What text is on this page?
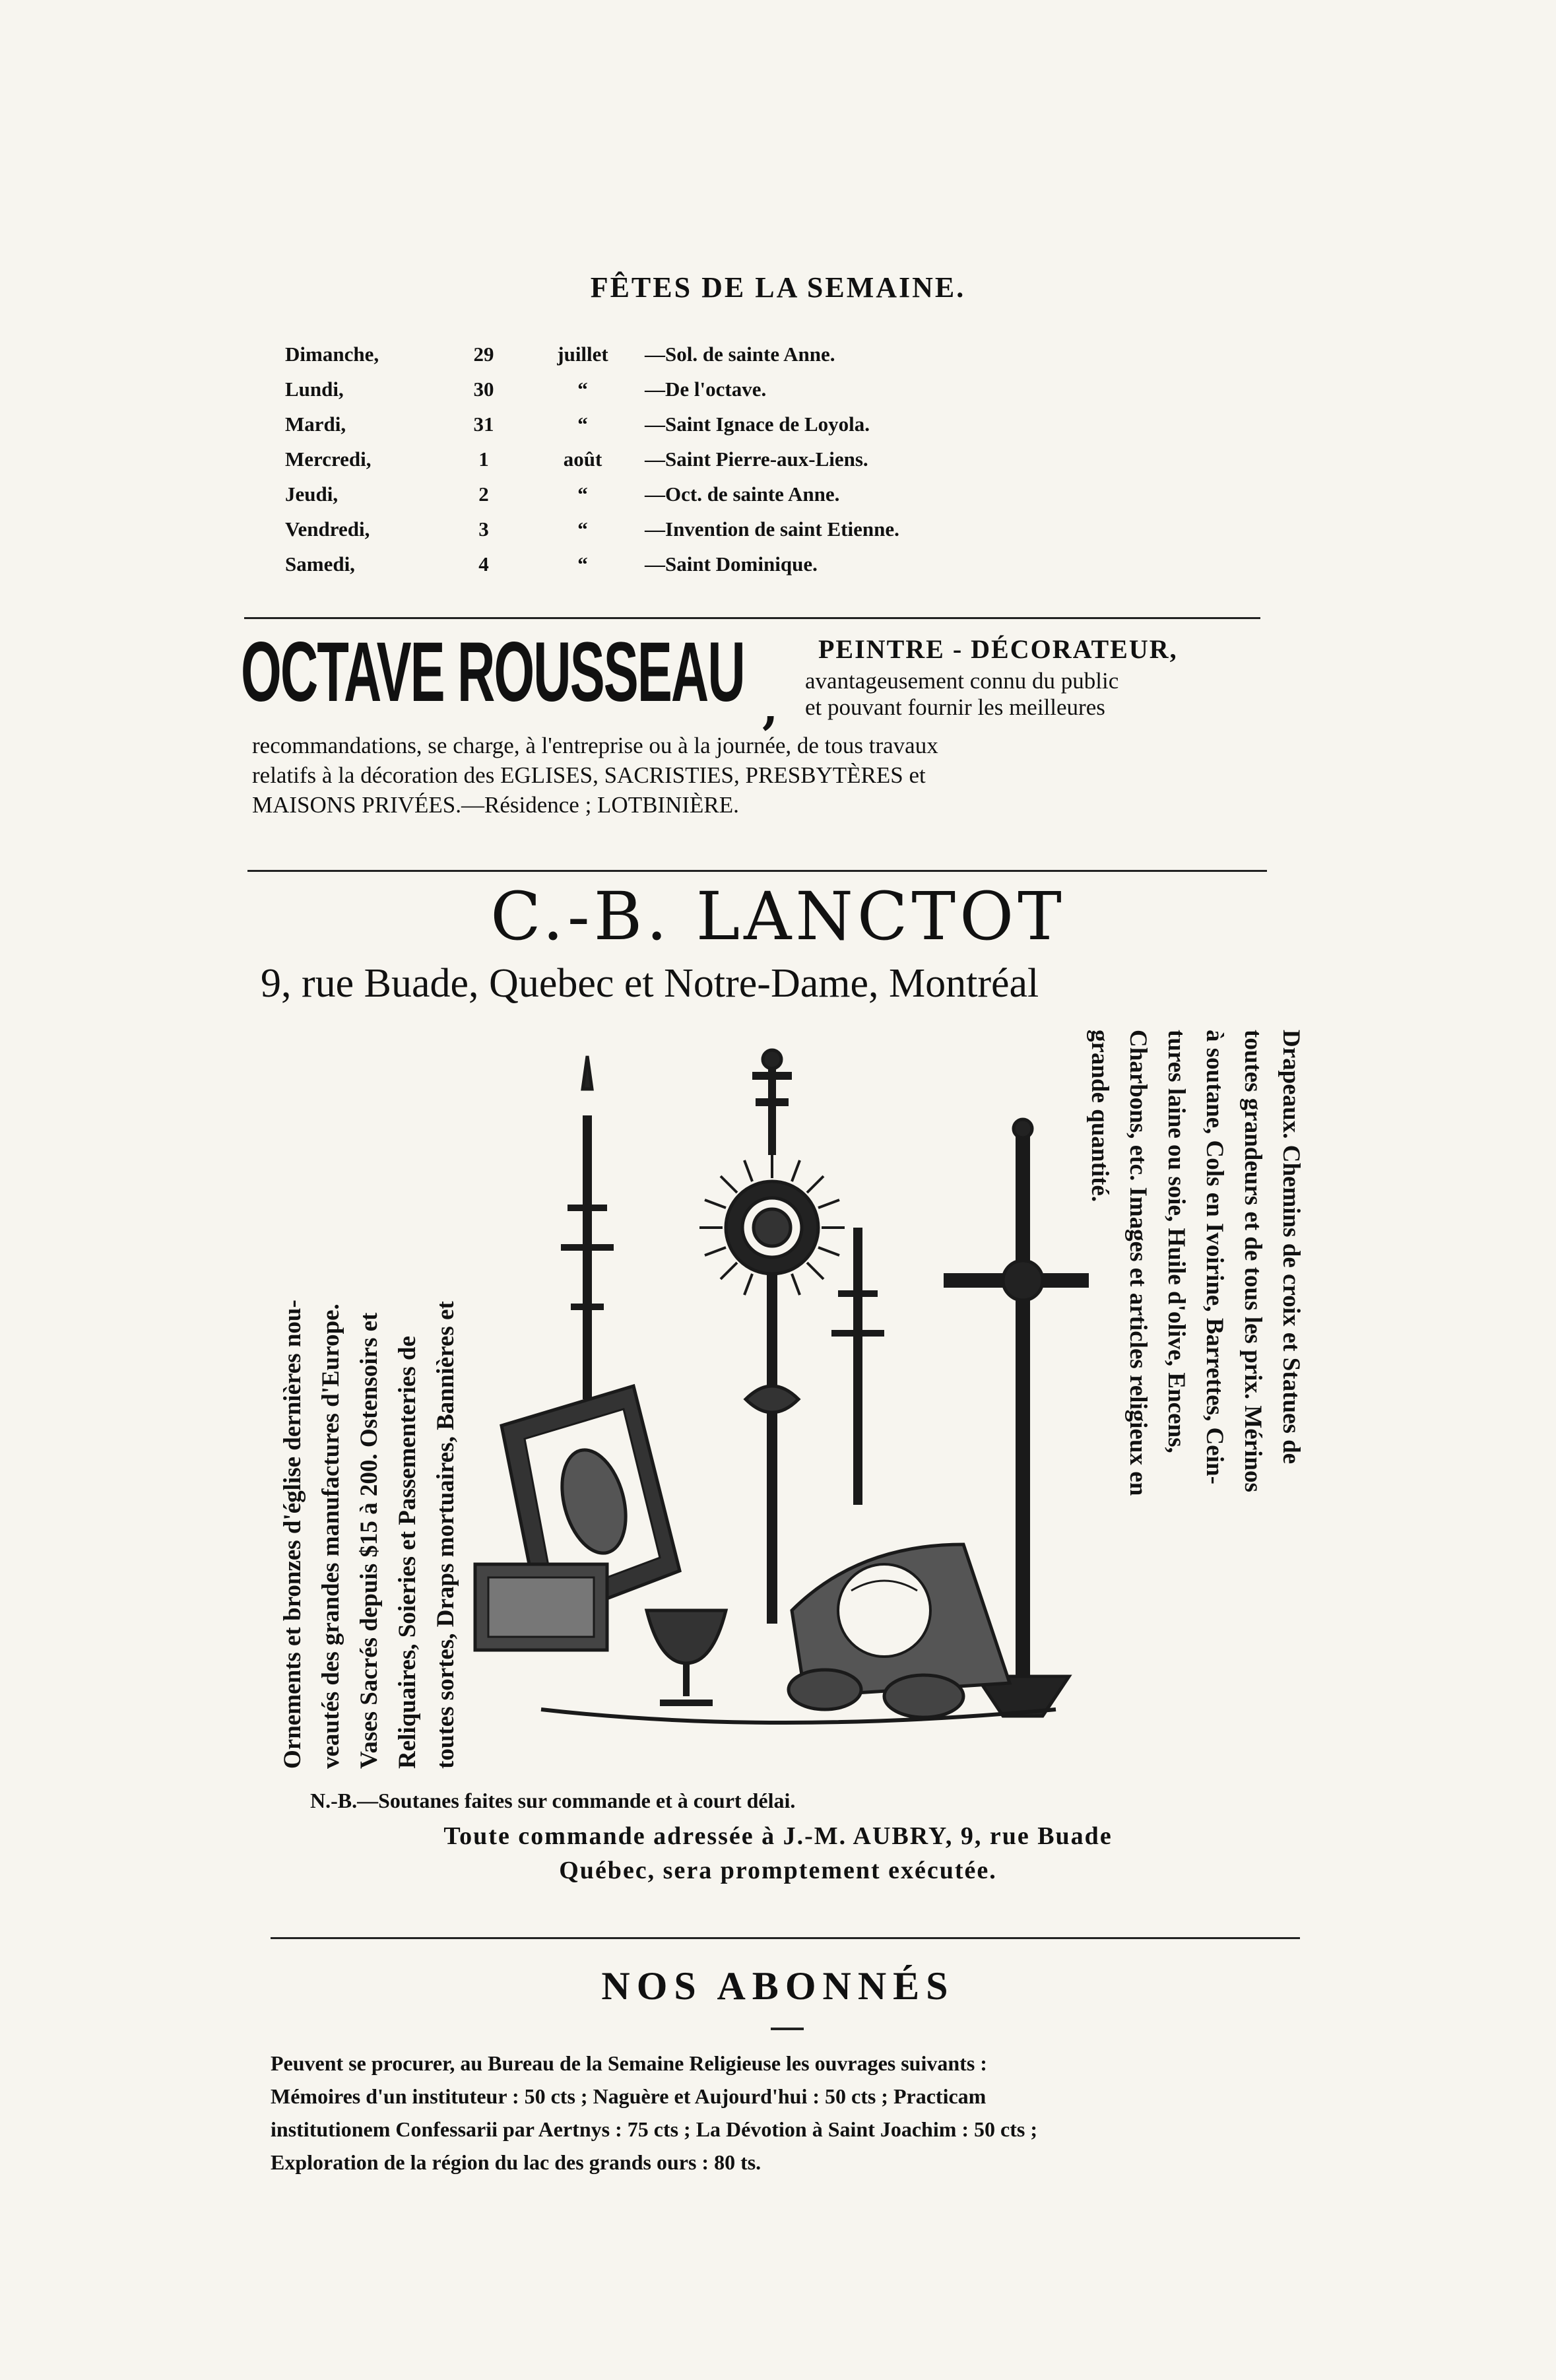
FÊTES DE LA SEMAINE.
Dimanche,	29	juillet	—Sol. de sainte Anne.
Lundi,	30	“	—De l'octave.
Mardi,	31	“	—Saint Ignace de Loyola.
Mercredi,	1	août	—Saint Pierre-aux-Liens.
Jeudi,	2	“	—Oct. de sainte Anne.
Vendredi,	3	“	—Invention de saint Etienne.
Samedi,	4	“	—Saint Dominique.
OCTAVE ROUSSEAU ,
PEINTRE - DÉCORATEUR,
avantageusement connu du public
et pouvant fournir les meilleures
recommandations, se charge, à l'entreprise ou à la journée, de tous travaux
relatifs à la décoration des EGLISES, SACRISTIES, PRESBYTÈRES et
MAISONS PRIVÉES.—Résidence ; LOTBINIÈRE.
C.-B. LANCTOT
9, rue Buade, Quebec et Notre-Dame, Montréal
Ornements et bronzes d'église dernières nou- veautés des grandes manufactures d'Europe. Vases Sacrés depuis $15 à 200. Ostensoirs et Reliquaires, Soieries et Passementeries de toutes sortes, Draps mortuaires, Bannières et
Drapeaux. Chemins de croix et Statues de
toutes grandeurs et de tous les prix. Mérinos
à soutane, Cols en Ivoirine, Barrettes, Cein-
tures laine ou soie, Huile d'olive, Encens,
Charbons, etc. Images et articles religieux en
grande quantité.
N.-B.—Soutanes faites sur commande et à court délai.
Toute commande adressée à J.-M. AUBRY, 9, rue Buade
Québec, sera promptement exécutée.
NOS ABONNÉS
Peuvent se procurer, au Bureau de la Semaine Religieuse les ouvrages suivants :
Mémoires d'un instituteur : 50 cts ; Naguère et Aujourd'hui : 50 cts ; Practicam
institutionem Confessarii par Aertnys : 75 cts ; La Dévotion à Saint Joachim : 50 cts ;
Exploration de la région du lac des grands ours : 80 ts.
